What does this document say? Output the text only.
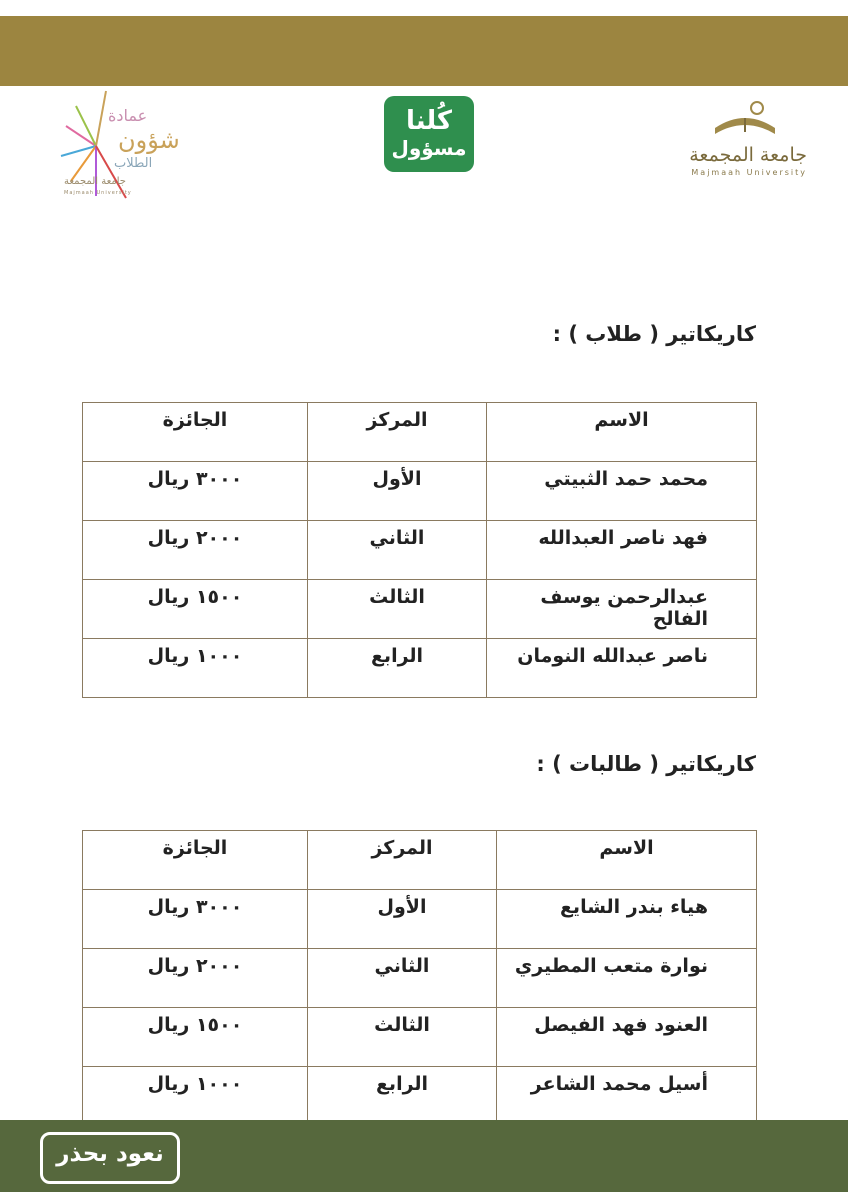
جامعة المجمعة
Majmaah University
كُلنا
مسؤول
عمادة
شؤون
الطلاب
جامعة المجمعة
Majmaah University
كاريكاتير ( طلاب ) :
الاسم	المركز	الجائزة
محمد حمد الثبيتي	الأول	٣٠٠٠ ريال
فهد ناصر العبدالله	الثاني	٢٠٠٠ ريال
عبدالرحمن يوسف الفالح	الثالث	١٥٠٠ ريال
ناصر عبدالله النومان	الرابع	١٠٠٠ ريال
كاريكاتير ( طالبات ) :
الاسم	المركز	الجائزة
هياء بندر الشايع	الأول	٣٠٠٠ ريال
نوارة متعب المطيري	الثاني	٢٠٠٠ ريال
العنود فهد الفيصل	الثالث	١٥٠٠ ريال
أسيل محمد الشاعر	الرابع	١٠٠٠ ريال
نعود بحذر
